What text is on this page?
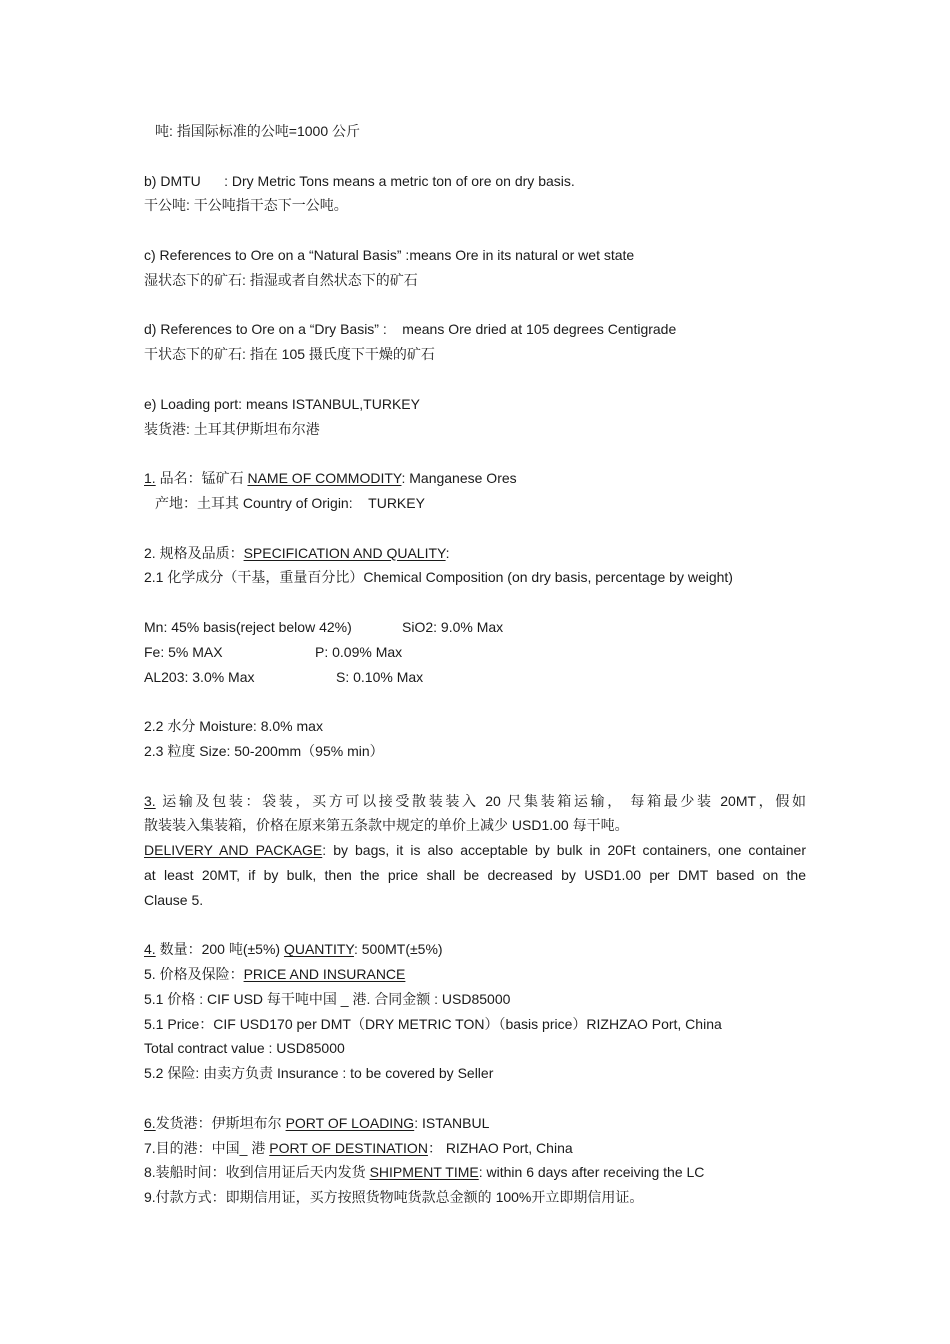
吨: 指国际标准的公吨=1000 公斤
b) DMTU      : Dry Metric Tons means a metric ton of ore on dry basis.
干公吨: 干公吨指干态下一公吨。
c) References to Ore on a “Natural Basis” :means Ore in its natural or wet state
湿状态下的矿石: 指湿或者自然状态下的矿石
d) References to Ore on a “Dry Basis” :    means Ore dried at 105 degrees Centigrade
干状态下的矿石: 指在 105 摄氏度下干燥的矿石
e) Loading port: means ISTANBUL,TURKEY
装货港: 土耳其伊斯坦布尔港
1. 品名：锰矿石 NAME OF COMMODITY: Manganese Ores
产地：土耳其 Country of Origin:    TURKEY
2. 规格及品质：SPECIFICATION AND QUALITY:
2.1 化学成分（干基，重量百分比）Chemical Composition (on dry basis, percentage by weight)
Mn: 45% basis(reject below 42%)	SiO2: 9.0% Max
Fe: 5% MAX	P: 0.09% Max
AL203: 3.0% Max	S: 0.10% Max
2.2 水分 Moisture: 8.0% max
2.3 粒度 Size: 50-200mm（95% min）
3. 运输及包装：袋装，买方可以接受散装装入 20 尺集装箱运输， 每箱最少装 20MT，假如
散装装入集装箱，价格在原来第五条款中规定的单价上减少 USD1.00 每干吨。
DELIVERY AND PACKAGE: by bags, it is also acceptable by bulk in 20Ft containers, one container
at least 20MT, if by bulk, then the price shall be decreased by USD1.00 per DMT based on the
Clause 5.
4. 数量：200 吨(±5%) QUANTITY: 500MT(±5%)
5. 价格及保险：PRICE AND INSURANCE
5.1 价格 : CIF USD 每干吨中国 _ 港. 合同金额 : USD85000
5.1 Price：CIF USD170 per DMT（DRY METRIC TON）（basis price）RIZHZAO Port, China
Total contract value : USD85000
5.2 保险: 由卖方负责 Insurance : to be covered by Seller
6.发货港：伊斯坦布尔 PORT OF LOADING: ISTANBUL
7.目的港：中国_ 港 PORT OF DESTINATION： RIZHAO Port, China
8.装船时间：收到信用证后天内发货 SHIPMENT TIME: within 6 days after receiving the LC
9.付款方式：即期信用证，买方按照货物吨货款总金额的 100%开立即期信用证。
